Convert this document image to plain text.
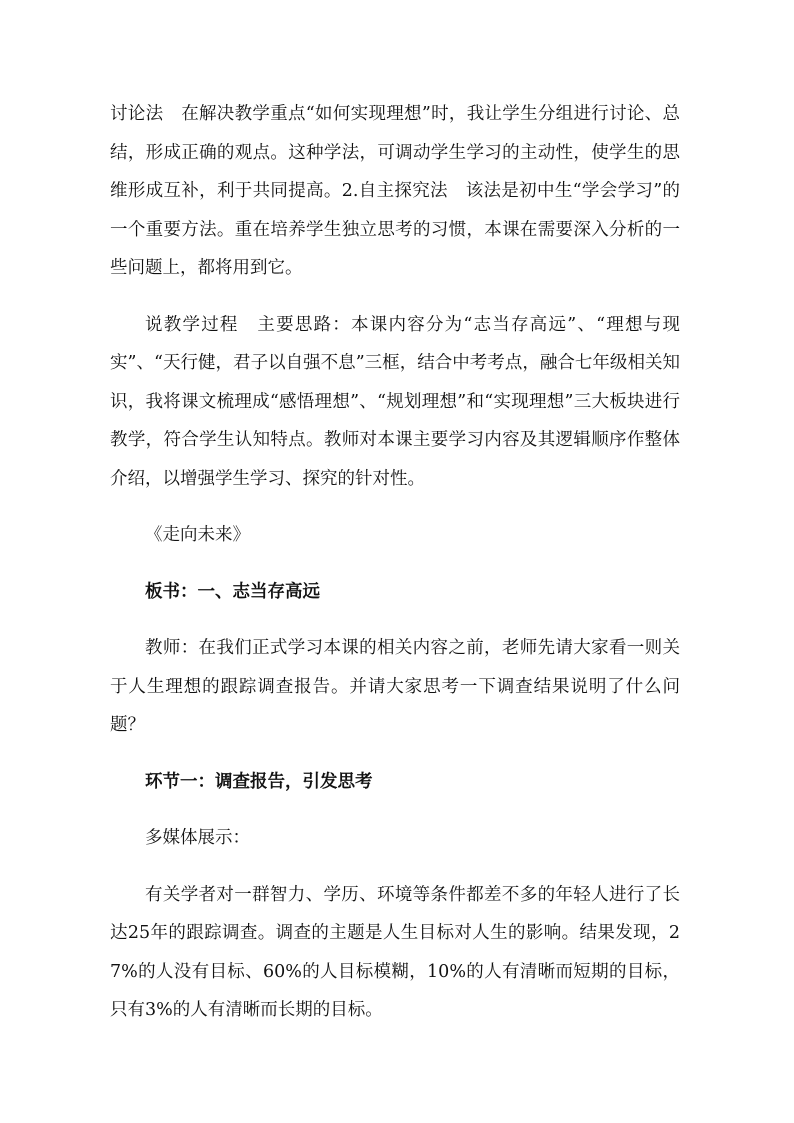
讨论法　在解决教学重点“如何实现理想”时，我让学生分组进行讨论、总结，形成正确的观点。这种学法，可调动学生学习的主动性，使学生的思维形成互补，利于共同提高。2.自主探究法　该法是初中生“学会学习”的一个重要方法。重在培养学生独立思考的习惯，本课在需要深入分析的一些问题上，都将用到它。

说教学过程　主要思路：本课内容分为“志当存高远”、“理想与现实”、“天行健，君子以自强不息”三框，结合中考考点，融合七年级相关知识，我将课文梳理成“感悟理想”、“规划理想”和“实现理想”三大板块进行教学，符合学生认知特点。教师对本课主要学习内容及其逻辑顺序作整体介绍，以增强学生学习、探究的针对性。

《走向未来》

板书：一、志当存高远

教师：在我们正式学习本课的相关内容之前，老师先请大家看一则关于人生理想的跟踪调查报告。并请大家思考一下调查结果说明了什么问题？

环节一：调查报告，引发思考

多媒体展示：

有关学者对一群智力、学历、环境等条件都差不多的年轻人进行了长达25年的跟踪调查。调查的主题是人生目标对人生的影响。结果发现，27%的人没有目标、60%的人目标模糊，10%的人有清晰而短期的目标，只有3%的人有清晰而长期的目标。
